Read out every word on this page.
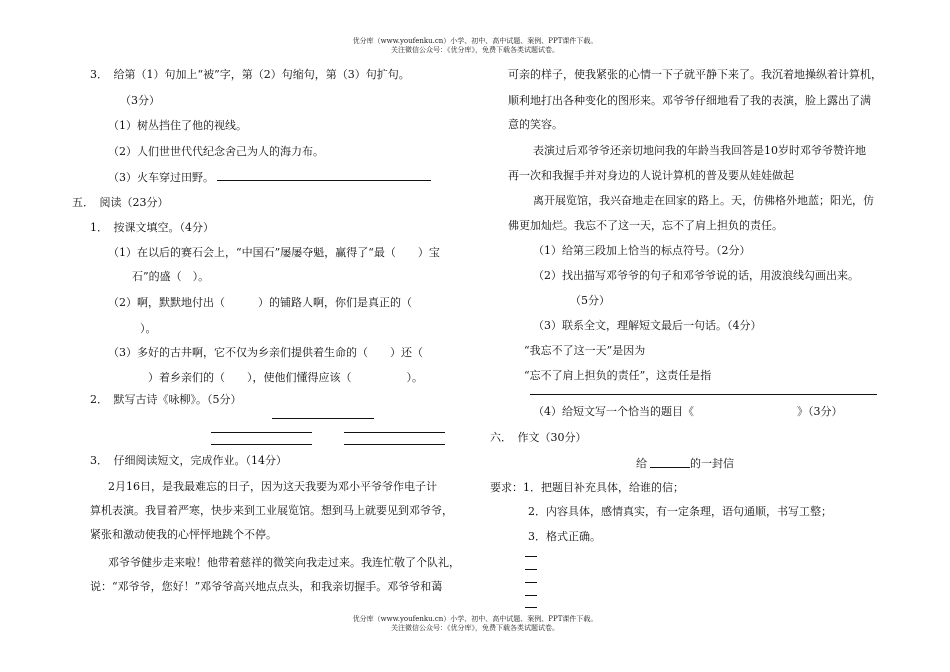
优分库（www.youfenku.cn）小学、初中、高中试题、案例、PPT课件下载。
关注微信公众号：《优分库》，免费下载各类试题试卷。
3．　给第（1）句加上“被”字，第（2）句缩句，第（3）句扩句。
（3分）
（1）树丛挡住了他的视线。
（2）人们世世代代纪念舍己为人的海力布。
（3）火车穿过田野。
五．　阅读（23分）
1．　按课文填空。（4分）
（1）在以后的赛石会上，“中国石”屡屡夺魁，赢得了“最（　　）宝
石”的盛（　）。
（2）啊，默默地付出（　　　）的铺路人啊，你们是真正的（
）。
（3）多好的古井啊，它不仅为乡亲们提供着生命的（　　）还（
）着乡亲们的（　　），使他们懂得应该（　　　　　）。
2．　默写古诗《咏柳》。（5分）
3．　仔细阅读短文，完成作业。（14分）
2月16日，是我最难忘的日子，因为这天我要为邓小平爷爷作电子计
算机表演。我冒着严寒，快步来到工业展览馆。想到马上就要见到邓爷爷，
紧张和激动使我的心怦怦地跳个不停。
邓爷爷健步走来啦！他带着慈祥的微笑向我走过来。我连忙敬了个队礼，
说：“邓爷爷，您好！”邓爷爷高兴地点点头，和我亲切握手。邓爷爷和蔼
可亲的样子，使我紧张的心情一下子就平静下来了。我沉着地操纵着计算机，
顺利地打出各种变化的图形来。邓爷爷仔细地看了我的表演，脸上露出了满
意的笑容。
表演过后邓爷爷还亲切地问我的年龄当我回答是10岁时邓爷爷赞许地
再一次和我握手并对身边的人说计算机的普及要从娃娃做起
离开展览馆，我兴奋地走在回家的路上。天，仿佛格外地蓝；阳光，仿
佛更加灿烂。我忘不了这一天，忘不了肩上担负的责任。
（1）给第三段加上恰当的标点符号。（2分）
（2）找出描写邓爷爷的句子和邓爷爷说的话，用波浪线勾画出来。
（5分）
（3）联系全文，理解短文最后一句话。（4分）
“我忘不了这一天”是因为
“忘不了肩上担负的责任”，这责任是指
（4）给短文写一个恰当的题目《	》（3分）
六．　作文（30分）
给	的一封信
要求：1．把题目补充具体，给谁的信；
2．内容具体，感情真实，有一定条理，语句通顺，书写工整；
3．格式正确。
优分库（www.youfenku.cn）小学、初中、高中试题、案例、PPT课件下载。
关注微信公众号：《优分库》，免费下载各类试题试卷。
